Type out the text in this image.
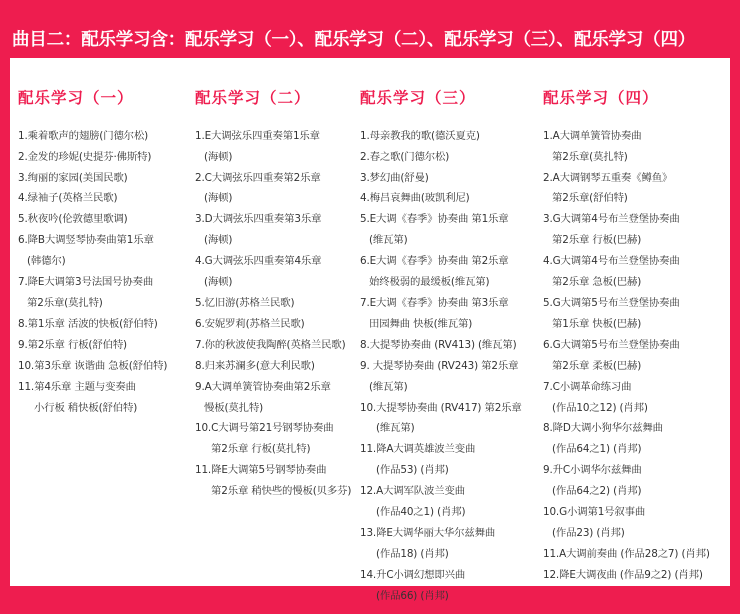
曲目二：配乐学习含：配乐学习（一）、配乐学习（二）、配乐学习（三）、配乐学习（四）
配乐学习（一）
1.乘着歌声的翅膀(门德尔松)
2.金发的珍妮(史提芬·佛斯特)
3.绚丽的家园(美国民歌)
4.绿袖子(英格兰民歌)
5.秋夜吟(伦敦德里歌调)
6.降B大调竖琴协奏曲第1乐章
(韩德尔)
7.降E大调第3号法国号协奏曲
第2乐章(莫扎特)
8.第1乐章 活波的快板(舒伯特)
9.第2乐章 行板(舒伯特)
10.第3乐章 诙谐曲 急板(舒伯特)
11.第4乐章 主题与变奏曲
小行板 稍快板(舒伯特)
配乐学习（二）
1.E大调弦乐四重奏第1乐章
(海顿)
2.C大调弦乐四重奏第2乐章
(海顿)
3.D大调弦乐四重奏第3乐章
(海顿)
4.G大调弦乐四重奏第4乐章
(海顿)
5.忆旧游(苏格兰民歌)
6.安妮罗莉(苏格兰民歌)
7.你的秋波使我陶醉(英格兰民歌)
8.归来苏澜多(意大利民歌)
9.A大调单簧管协奏曲第2乐章
慢板(莫扎特)
10.C大调号第21号钢琴协奏曲
第2乐章 行板(莫扎特)
11.降E大调第5号钢琴协奏曲
第2乐章 稍快些的慢板(贝多芬)
配乐学习（三）
1.母亲教我的歌(德沃夏克)
2.春之歌(门德尔松)
3.梦幻曲(舒曼)
4.梅吕哀舞曲(玻凯利尼)
5.E大调《春季》协奏曲 第1乐章
(维瓦第)
6.E大调《春季》协奏曲 第2乐章
始终极弱的最缓板(维瓦第)
7.E大调《春季》协奏曲 第3乐章
田园舞曲 快板(维瓦第)
8.大提琴协奏曲 (RV413) (维瓦第)
9. 大提琴协奏曲 (RV243) 第2乐章
(维瓦第)
10.大提琴协奏曲 (RV417) 第2乐章
(维瓦第)
11.降A大调英雄波兰变曲
(作品53) (肖邦)
12.A大调军队波兰变曲
(作品40之1) (肖邦)
13.降E大调华丽大华尔兹舞曲
(作品18) (肖邦)
14.升C小调幻想即兴曲
(作品66) (肖邦)
配乐学习（四）
1.A大调单簧管协奏曲
第2乐章(莫扎特)
2.A大调钢琴五重奏《鳟鱼》
第2乐章(舒伯特)
3.G大调第4号布兰登堡协奏曲
第2乐章 行板(巴赫)
4.G大调第4号布兰登堡协奏曲
第2乐章 急板(巴赫)
5.G大调第5号布兰登堡协奏曲
第1乐章 快板(巴赫)
6.G大调第5号布兰登堡协奏曲
第2乐章 柔板(巴赫)
7.C小调革命练习曲
(作品10之12) (肖邦)
8.降D大调小狗华尔兹舞曲
(作品64之1) (肖邦)
9.升C小调华尔兹舞曲
(作品64之2) (肖邦)
10.G小调第1号叙事曲
(作品23) (肖邦)
11.A大调前奏曲 (作品28之7) (肖邦)
12.降E大调夜曲 (作品9之2) (肖邦)
